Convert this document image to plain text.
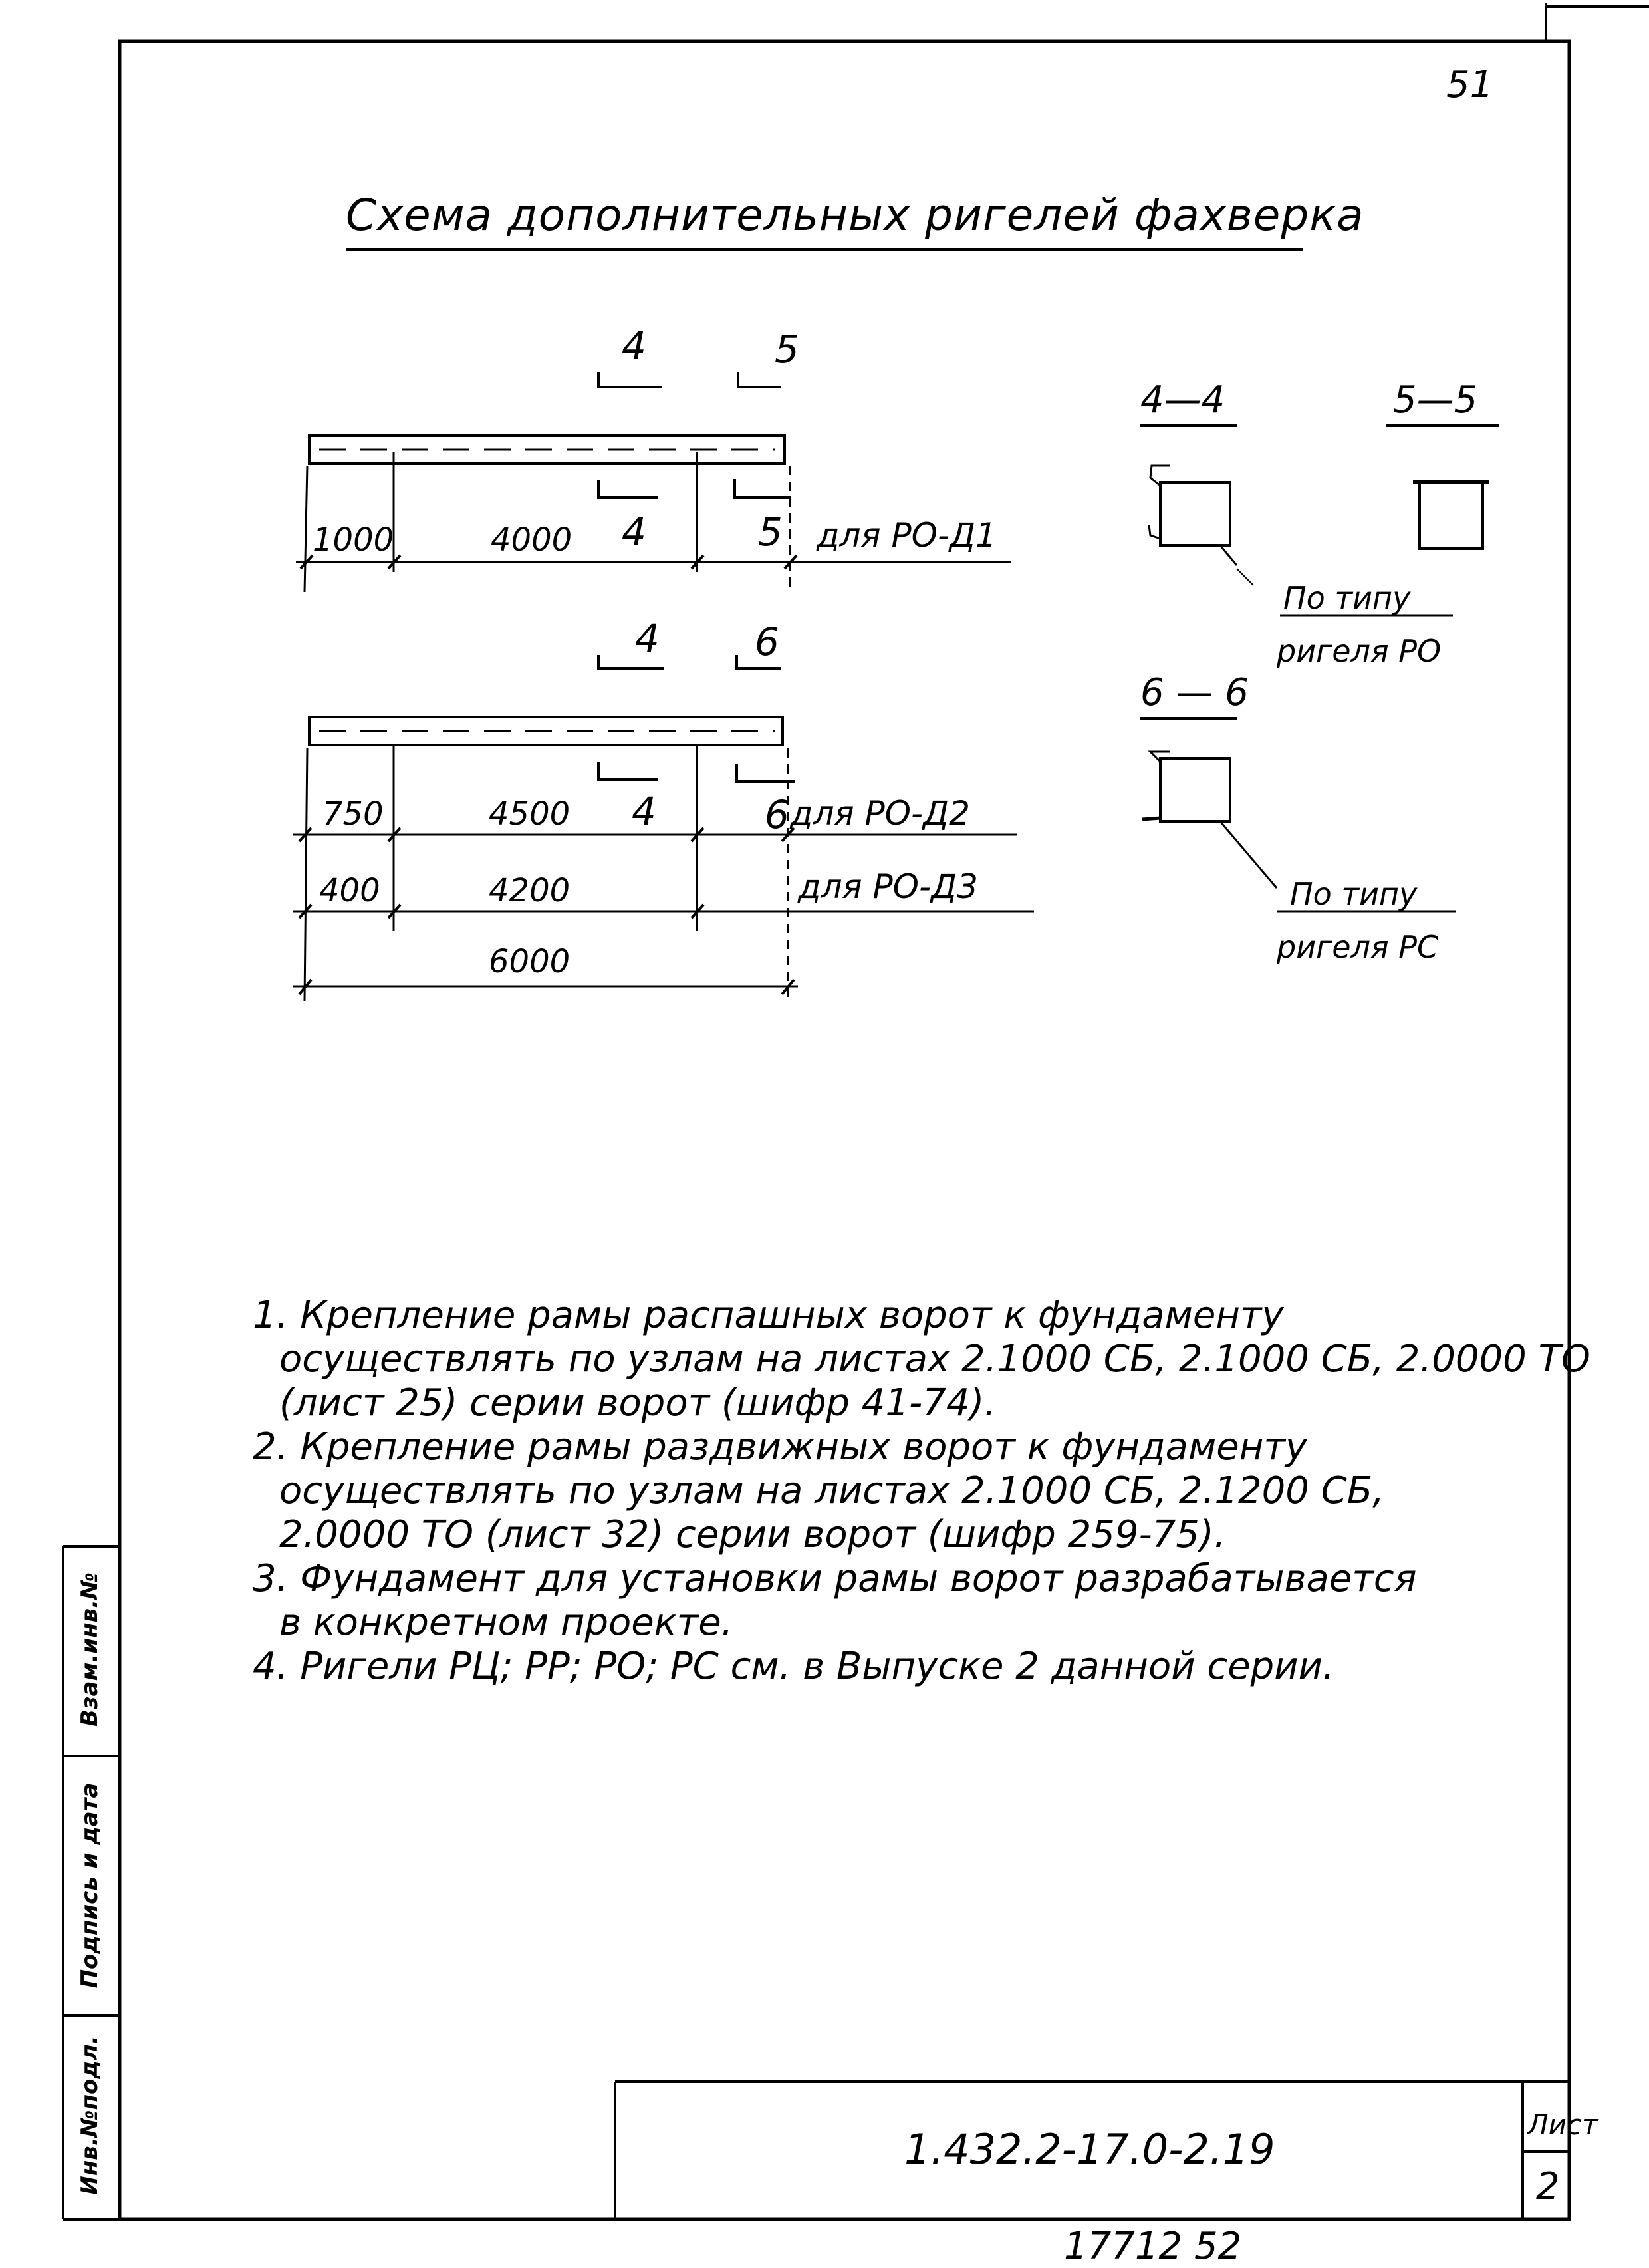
4	5
4	5
1000	4000	для РО-Д1
4 6
750	4500 4	6 для РО-Д2
400	4200	для РО-Д3
6000
4—4	5—5
6 — 6
По типу
ригеля РО
По типу
ригеля РС
51
Схема дополнительных ригелей фахверка
1. Крепление рамы распашных ворот к фундаменту
осуществлять по узлам на листах 2.1000 СБ, 2.1000 СБ, 2.0000 ТО
(лист 25) серии ворот (шифр 41-74).
2. Крепление рамы раздвижных ворот к фундаменту
осуществлять по узлам на листах 2.1000 СБ, 2.1200 СБ,
2.0000 ТО (лист 32) серии ворот (шифр 259-75).
3. Фундамент для установки рамы ворот разрабатывается
в конкретном проекте.
4. Ригели РЦ; РР; РО; РС см. в Выпуске 2 данной серии.
1.432.2-17.0-2.19
Лист
2
17712 52
Инв.№подл.
Подпись и дата
Взам.инв.№
